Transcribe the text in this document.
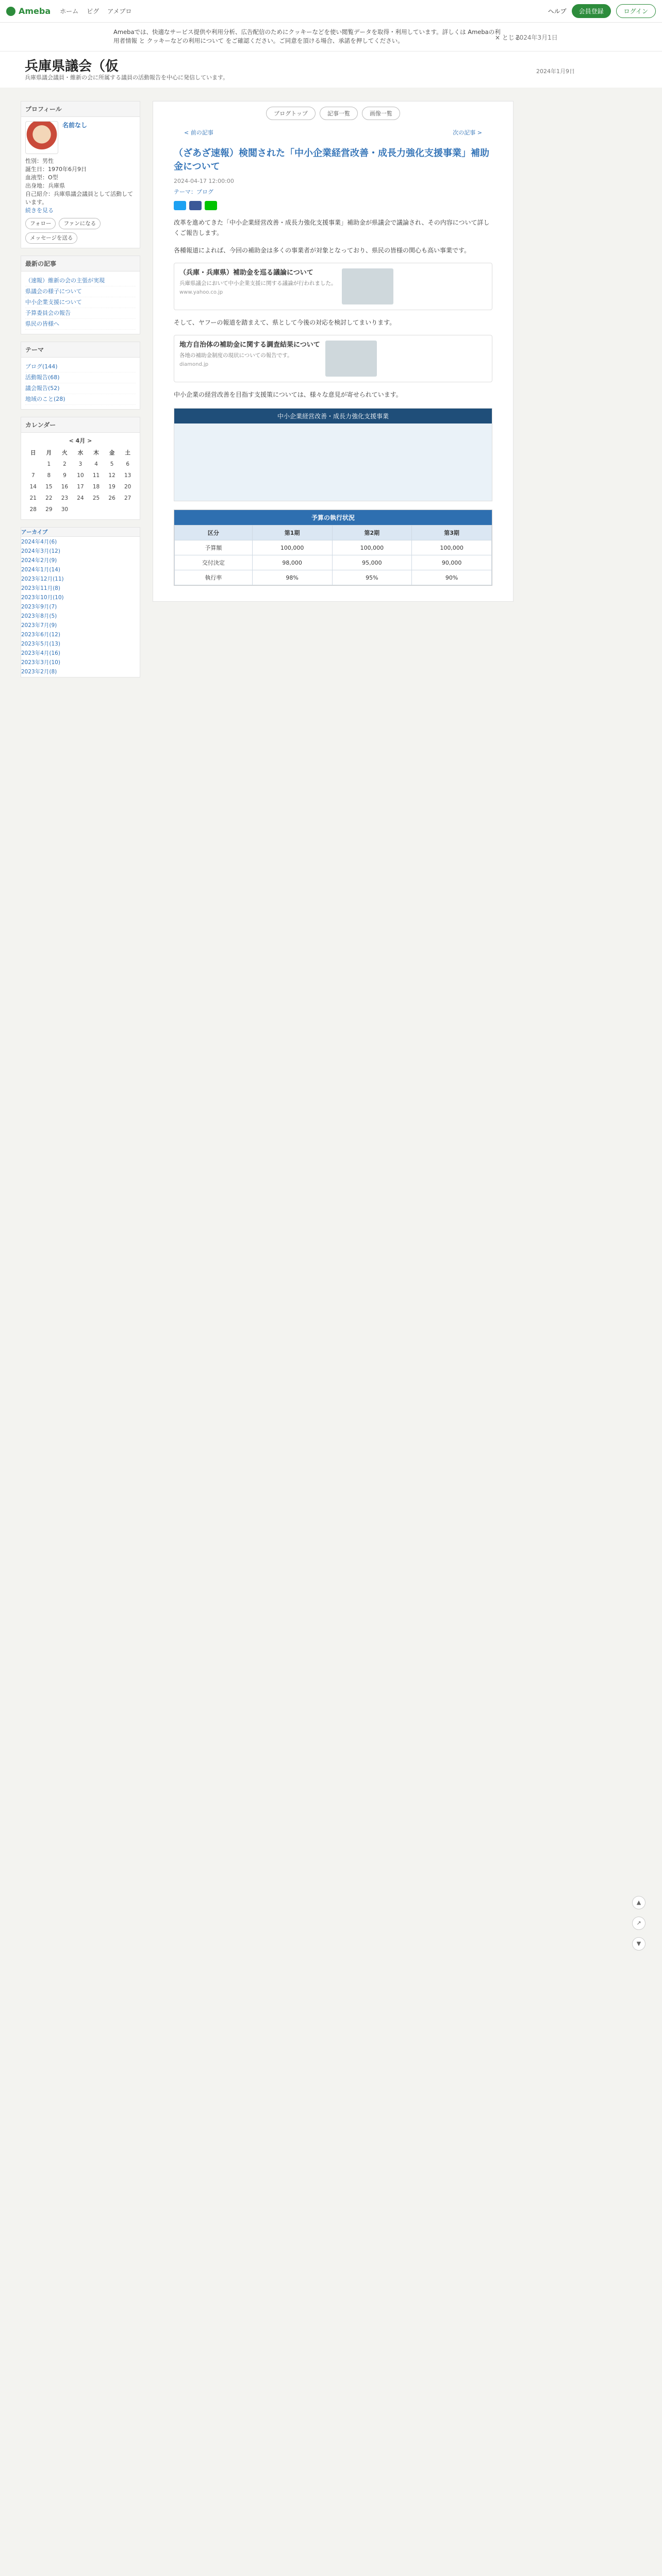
Ameba ホーム ピグ アメブロ	ヘルプ	会員登録	ログイン
Amebaでは、快適なサービス提供や利用分析、広告配信のためにクッキーなどを使い閲覧データを取得・利用しています。詳しくは Amebaの利用者情報 と クッキーなどの利用について をご確認ください。ご同意を頂ける場合、承諾を押してください。	× とじる
2024年3月1日
兵庫県議会（仮
兵庫県議会議員・維新の会に所属する議員の活動報告を中心に発信しています。
2024年1月9日
プロフィール
名前なし
性別：男性
誕生日：1970年6月9日
血液型：O型
出身地：兵庫県
自己紹介：兵庫県議会議員として活動しています。
続きを見る
フォロー	ファンになる
メッセージを送る
最新の記事
（速報）維新の会の主張が実現
県議会の様子について
中小企業支援について
予算委員会の報告
県民の皆様へ
テーマ
ブログ(144)
活動報告(68)
議会報告(52)
地域のこと(28)
カレンダー
< 4月 >
日	月	火	水	木	金	土
	1	2	3	4	5	6
7	8	9	10	11	12	13
14	15	16	17	18	19	20
21	22	23	24	25	26	27
28	29	30				
アーカイブ
2024年4月(6)
2024年3月(12)
2024年2月(9)
2024年1月(14)
2023年12月(11)
2023年11月(8)
2023年10月(10)
2023年9月(7)
2023年8月(5)
2023年7月(9)
2023年6月(12)
2023年5月(13)
2023年4月(16)
2023年3月(10)
2023年2月(8)
ブログトップ	記事一覧	画像一覧
< 前の記事	次の記事 >
（ざあざ速報）検閲された「中小企業経営改善・成長力強化支援事業」補助金について
2024-04-17 12:00:00
テーマ：ブログ
改革を進めてきた「中小企業経営改善・成長力強化支援事業」補助金が県議会で議論され、その内容について詳しくご報告します。
各種報道によれば、今回の補助金は多くの事業者が対象となっており、県民の皆様の関心も高い事業です。
（兵庫・兵庫県）補助金を巡る議論について
兵庫県議会において中小企業支援に関する議論が行われました。
www.yahoo.co.jp
そして、ヤフーの報道を踏まえて、県として今後の対応を検討してまいります。
地方自治体の補助金に関する調査結果について
各地の補助金制度の現状についての報告です。
diamond.jp
中小企業の経営改善を目指す支援策については、様々な意見が寄せられています。
中小企業経営改善・成長力強化支援事業
予算の執行状況
区分	第1期	第2期	第3期
予算額	100,000	100,000	100,000
交付決定	98,000	95,000	90,000
執行率	98%	95%	90%
▲
↗
▼
